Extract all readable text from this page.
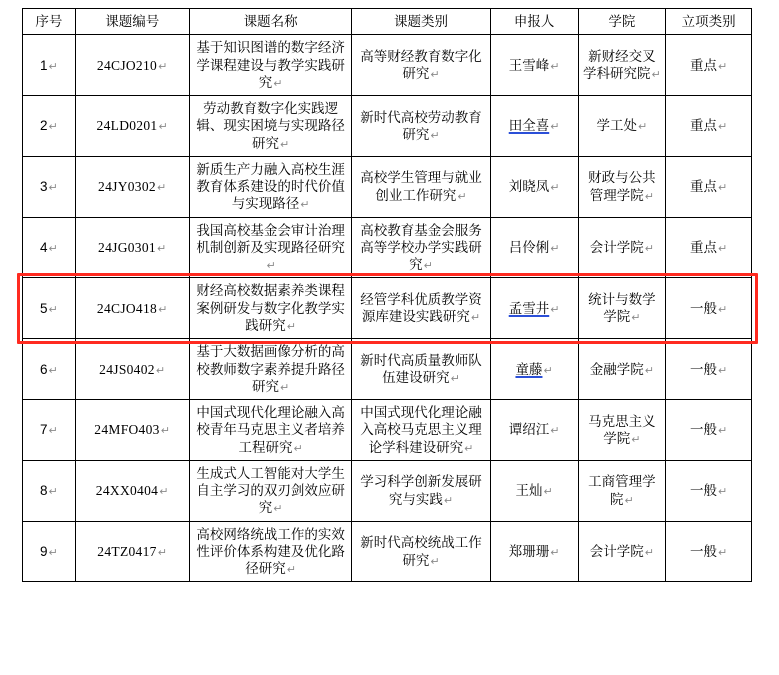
序号	课题编号	课题名称	课题类别	申报人	学院	立项类别
1↵	24CJO210↵	基于知识图谱的数字经济学课程建设与教学实践研究↵	高等财经教育数字化研究↵	王雪峰↵	新财经交叉学科研究院↵	重点↵
2↵	24LD0201↵	劳动教育数字化实践逻辑、现实困境与实现路径研究↵	新时代高校劳动教育研究↵	田全喜↵	学工处↵	重点↵
3↵	24JY0302↵	新质生产力融入高校生涯教育体系建设的时代价值与实现路径↵	高校学生管理与就业创业工作研究↵	刘晓凤↵	财政与公共管理学院↵	重点↵
4↵	24JG0301↵	我国高校基金会审计治理机制创新及实现路径研究↵	高校教育基金会服务高等学校办学实践研究↵	吕伶俐↵	会计学院↵	重点↵
5↵	24CJO418↵	财经高校数据素养类课程案例研发与数字化教学实践研究↵	经管学科优质教学资源库建设实践研究↵	孟雪井↵	统计与数学学院↵	一般↵
6↵	24JS0402↵	基于大数据画像分析的高校教师数字素养提升路径研究↵	新时代高质量教师队伍建设研究↵	童藤↵	金融学院↵	一般↵
7↵	24MFO403↵	中国式现代化理论融入高校青年马克思主义者培养工程研究↵	中国式现代化理论融入高校马克思主义理论学科建设研究↵	谭绍江↵	马克思主义学院↵	一般↵
8↵	24XX0404↵	生成式人工智能对大学生自主学习的双刃剑效应研究↵	学习科学创新发展研究与实践↵	王灿↵	工商管理学院↵	一般↵
9↵	24TZ0417↵	高校网络统战工作的实效性评价体系构建及优化路径研究↵	新时代高校统战工作研究↵	郑珊珊↵	会计学院↵	一般↵
